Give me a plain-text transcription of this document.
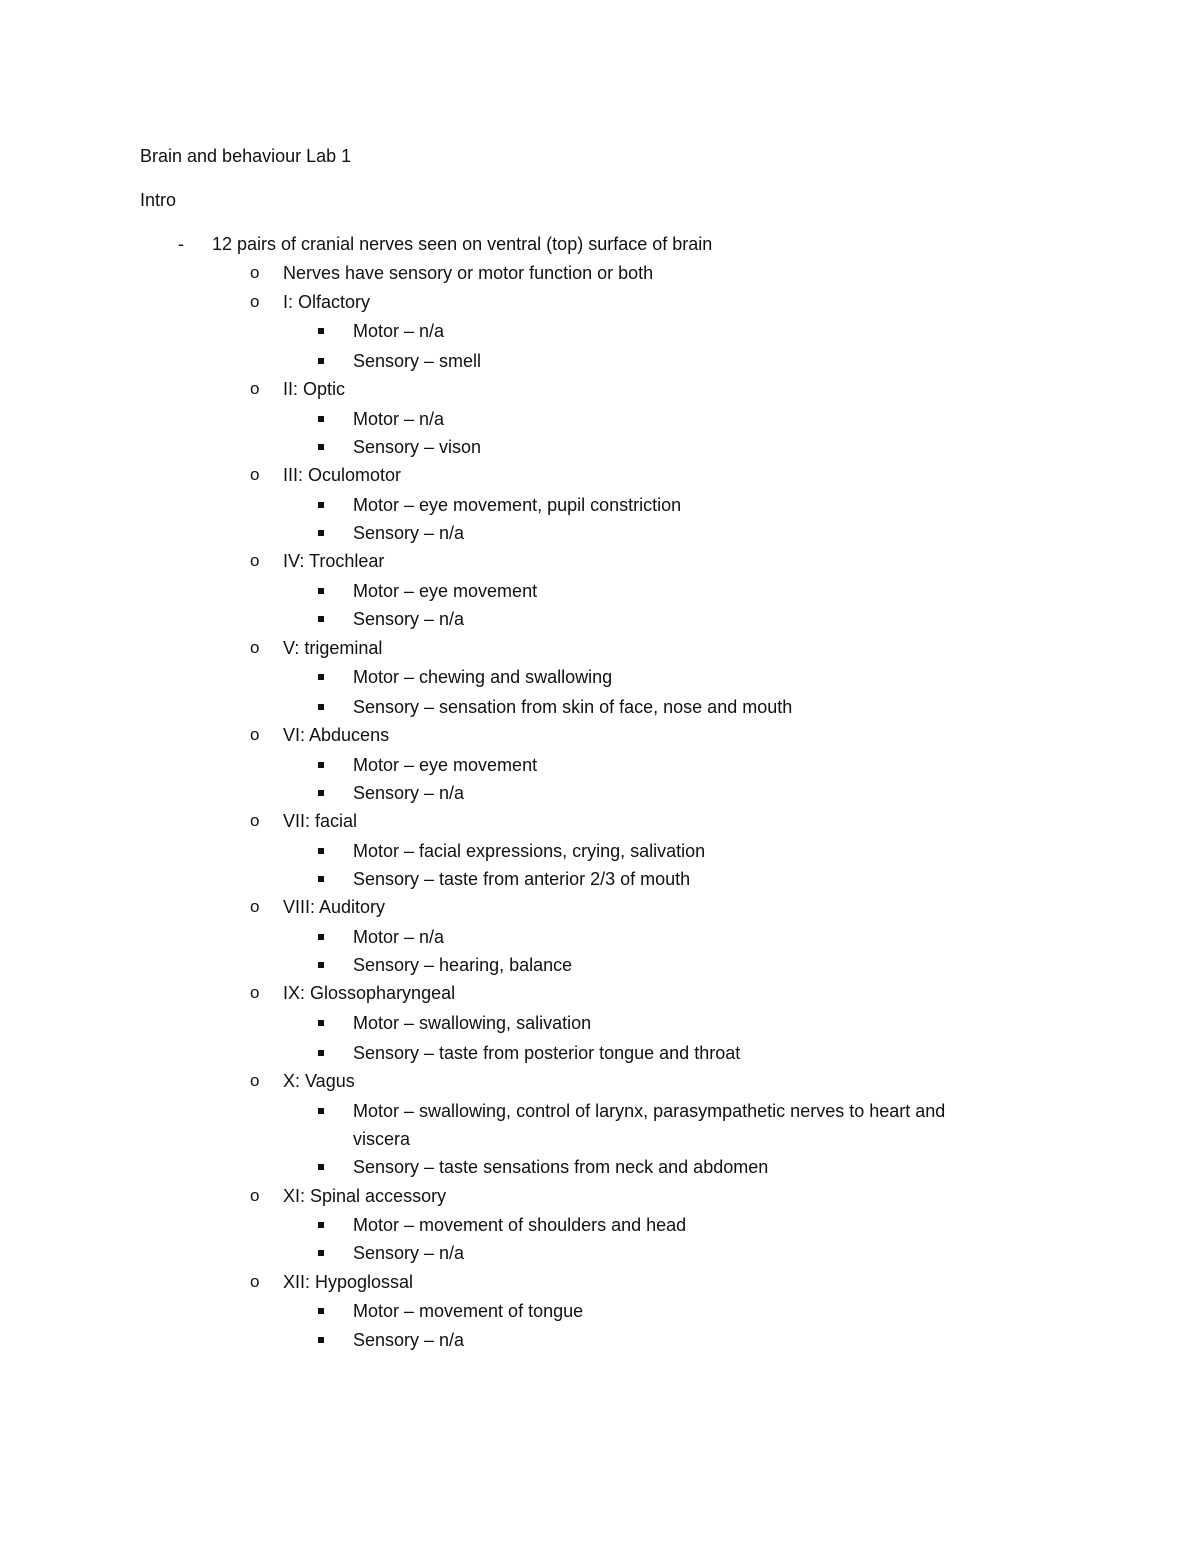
Brain and behaviour Lab 1
Intro
- 12 pairs of cranial nerves seen on ventral (top) surface of brain
o Nerves have sensory or motor function or both
o I: Olfactory
Motor – n/a
Sensory – smell
o II: Optic
Motor – n/a
Sensory – vison
o III: Oculomotor
Motor – eye movement, pupil constriction
Sensory – n/a
o IV: Trochlear
Motor – eye movement
Sensory – n/a
o V: trigeminal
Motor – chewing and swallowing
Sensory – sensation from skin of face, nose and mouth
o VI: Abducens
Motor – eye movement
Sensory – n/a
o VII: facial
Motor – facial expressions, crying, salivation
Sensory – taste from anterior 2/3 of mouth
o VIII: Auditory
Motor – n/a
Sensory – hearing, balance
o IX: Glossopharyngeal
Motor – swallowing, salivation
Sensory – taste from posterior tongue and throat
o X: Vagus
Motor – swallowing, control of larynx, parasympathetic nerves to heart and
viscera
Sensory – taste sensations from neck and abdomen
o XI: Spinal accessory
Motor – movement of shoulders and head
Sensory – n/a
o XII: Hypoglossal
Motor – movement of tongue
Sensory – n/a
